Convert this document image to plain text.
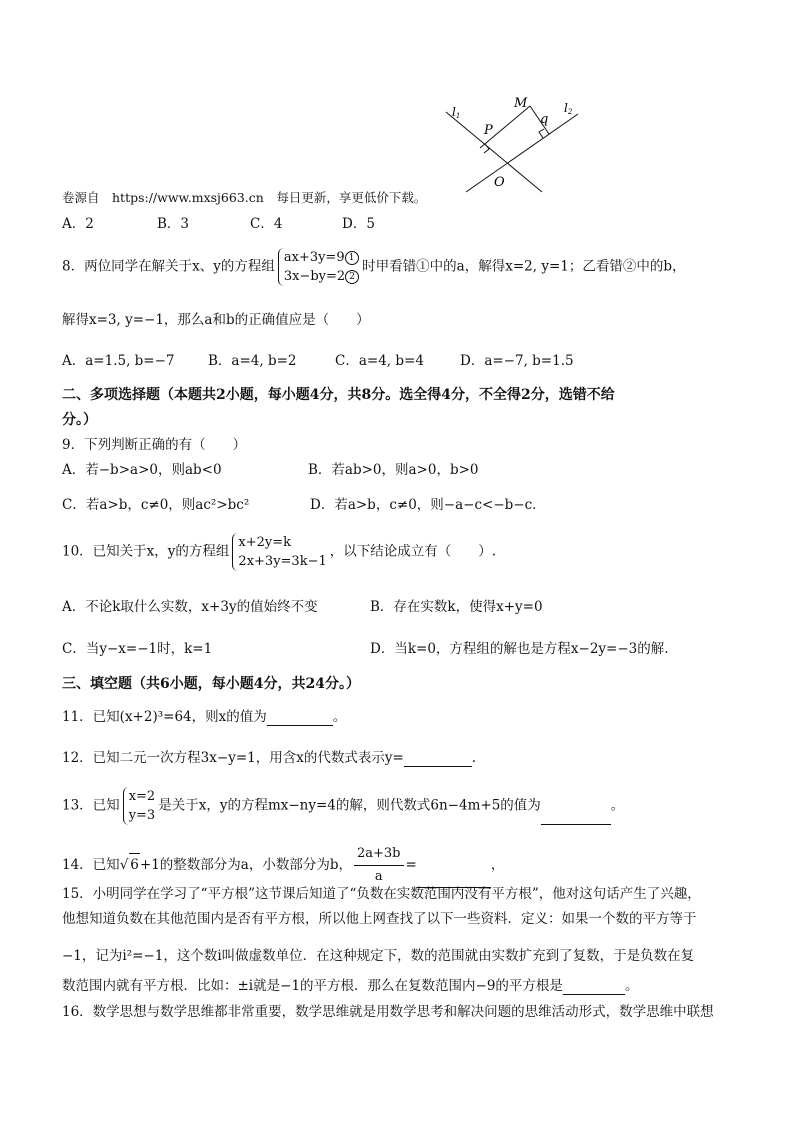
l1
l2
M
P
q
O
卷源自　https://www.mxsj663.cn　每日更新，享更低价下载。
A．2	B．3	C．4	D．5
8．两位同学在解关于x、y的方程组
ax+3y=9 1
3x−by=2 2
时甲看错①中的a，解得x=2, y=1；乙看错②中的b，
解得x=3, y=−1，那么a和b的正确值应是（　　）
A．a=1.5, b=−7 B．a=4, b=2	C．a=4, b=4	D．a=−7, b=1.5
二、多项选择题（本题共2小题，每小题4分，共8分。选全得4分，不全得2分，选错不给
分。）
9．下列判断正确的有（　　）
A．若−b>a>0，则ab<0	B．若ab>0，则a>0，b>0
C．若a>b，c≠0，则ac²>bc²	D．若a>b，c≠0，则−a−c<−b−c．
10．已知关于x，y的方程组
x+2y=k
2x+3y=3k−1
，以下结论成立有（　　）.
A．不论k取什么实数，x+3y的值始终不变	B．存在实数k，使得x+y=0
C．当y−x=−1时，k=1	D．当k=0，方程组的解也是方程x−2y=−3的解.
三、填空题（共6小题，每小题4分，共24分。）
11．已知(x+2)³=64，则x的值为	。
12．已知二元一次方程3x−y=1，用含x的代数式表示y=	.
13．已知
x=2
y=3
是关于x，y的方程mx−ny=4的解，则代数式6n−4m+5的值为	。
14．已知√ 6+1的整数部分为a，小数部分为b， $\frac{2a+3b}{a}$ =	，
15．小明同学在学习了“平方根”这节课后知道了“负数在实数范围内没有平方根”，他对这句话产生了兴趣，
他想知道负数在其他范围内是否有平方根，所以他上网查找了以下一些资料．定义：如果一个数的平方等于
−1，记为i²=−1，这个数i叫做虚数单位．在这种规定下，数的范围就由实数扩充到了复数，于是负数在复
数范围内就有平方根．比如：±i就是−1的平方根．那么在复数范围内−9的平方根是	。
16．数学思想与数学思维都非常重要，数学思维就是用数学思考和解决问题的思维活动形式，数学思维中联想
